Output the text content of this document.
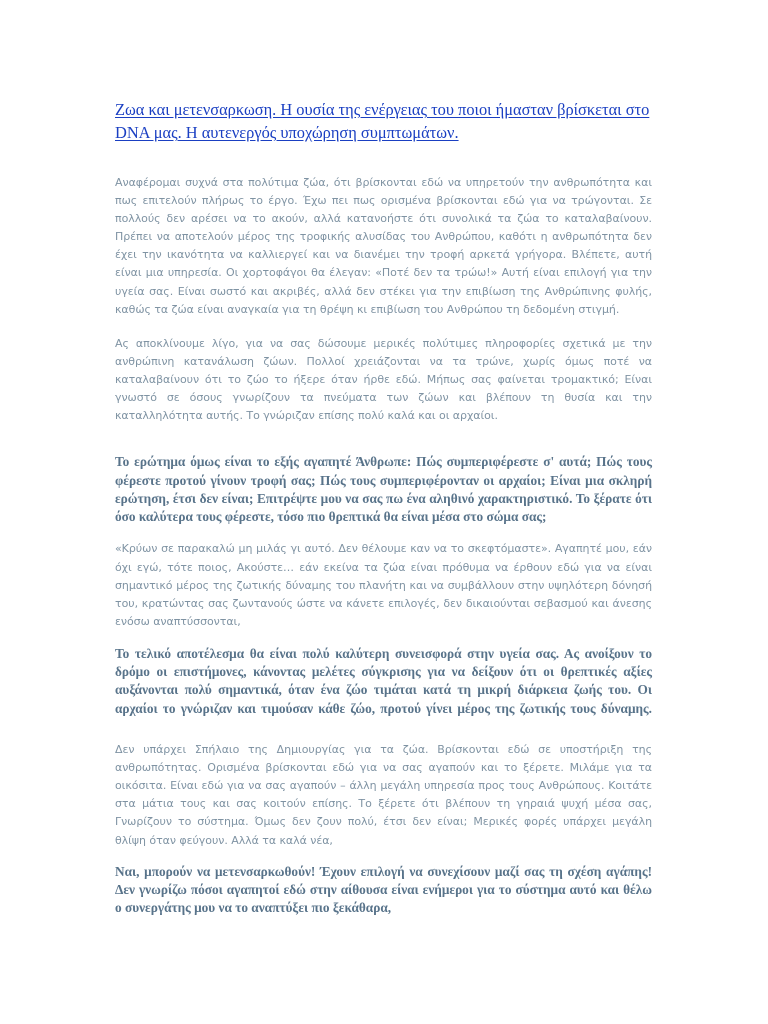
Ζωα και μετενσαρκωση. Η ουσία της ενέργειας του ποιοι ήμασταν βρίσκεται στο DNA μας. Η αυτενεργός υποχώρηση συμπτωμάτων.

Αναφέρομαι συχνά στα πολύτιμα ζώα, ότι βρίσκονται εδώ να υπηρετούν την ανθρωπότητα και πως επιτελούν πλήρως το έργο. Έχω πει πως ορισμένα βρίσκονται εδώ για να τρώγονται. Σε πολλούς δεν αρέσει να το ακούν, αλλά κατανοήστε ότι συνολικά τα ζώα το καταλαβαίνουν. Πρέπει να αποτελούν μέρος της τροφικής αλυσίδας του Ανθρώπου, καθότι η ανθρωπότητα δεν έχει την ικανότητα να καλλιεργεί και να διανέμει την τροφή αρκετά γρήγορα. Βλέπετε, αυτή είναι μια υπηρεσία. Οι χορτοφάγοι θα έλεγαν: «Ποτέ δεν τα τρώω!» Αυτή είναι επιλογή για την υγεία σας. Είναι σωστό και ακριβές, αλλά δεν στέκει για την επιβίωση της Ανθρώπινης φυλής, καθώς τα ζώα είναι αναγκαία για τη θρέψη κι επιβίωση του Ανθρώπου τη δεδομένη στιγμή.

Ας αποκλίνουμε λίγο, για να σας δώσουμε μερικές πολύτιμες πληροφορίες σχετικά με την ανθρώπινη κατανάλωση ζώων. Πολλοί χρειάζονται να τα τρώνε, χωρίς όμως ποτέ να καταλαβαίνουν ότι το ζώο το ήξερε όταν ήρθε εδώ. Μήπως σας φαίνεται τρομακτικό; Είναι γνωστό σε όσους γνωρίζουν τα πνεύματα των ζώων και βλέπουν τη θυσία και την καταλληλότητα αυτής. Το γνώριζαν επίσης πολύ καλά και οι αρχαίοι.

Το ερώτημα όμως είναι το εξής αγαπητέ Άνθρωπε: Πώς συμπεριφέρεστε σ' αυτά; Πώς τους φέρεστε προτού γίνουν τροφή σας; Πώς τους συμπεριφέρονταν οι αρχαίοι; Είναι μια σκληρή ερώτηση, έτσι δεν είναι; Επιτρέψτε μου να σας πω ένα αληθινό χαρακτηριστικό. Το ξέρατε ότι όσο καλύτερα τους φέρεστε, τόσο πιο θρεπτικά θα είναι μέσα στο σώμα σας;

«Κρύων σε παρακαλώ μη μιλάς γι αυτό. Δεν θέλουμε καν να το σκεφτόμαστε». Αγαπητέ μου, εάν όχι εγώ, τότε ποιος, Ακούστε… εάν εκείνα τα ζώα είναι πρόθυμα να έρθουν εδώ για να είναι σημαντικό μέρος της ζωτικής δύναμης του πλανήτη και να συμβάλλουν στην υψηλότερη δόνησή του, κρατώντας σας ζωντανούς ώστε να κάνετε επιλογές, δεν δικαιούνται σεβασμού και άνεσης ενόσω αναπτύσσονται,

Το τελικό αποτέλεσμα θα είναι πολύ καλύτερη συνεισφορά στην υγεία σας. Ας ανοίξουν το δρόμο οι επιστήμονες, κάνοντας μελέτες σύγκρισης για να δείξουν ότι οι θρεπτικές αξίες αυξάνονται πολύ σημαντικά, όταν ένα ζώο τιμάται κατά τη μικρή διάρκεια ζωής του. Οι αρχαίοι το γνώριζαν και τιμούσαν κάθε ζώο, προτού γίνει μέρος της ζωτικής τους δύναμης.

Δεν υπάρχει Σπήλαιο της Δημιουργίας για τα ζώα. Βρίσκονται εδώ σε υποστήριξη της ανθρωπότητας. Ορισμένα βρίσκονται εδώ για να σας αγαπούν και το ξέρετε. Μιλάμε για τα οικόσιτα. Είναι εδώ για να σας αγαπούν – άλλη μεγάλη υπηρεσία προς τους Ανθρώπους. Κοιτάτε στα μάτια τους και σας κοιτούν επίσης. Το ξέρετε ότι βλέπουν τη γηραιά ψυχή μέσα σας, Γνωρίζουν το σύστημα. Όμως δεν ζουν πολύ, έτσι δεν είναι; Μερικές φορές υπάρχει μεγάλη θλίψη όταν φεύγουν. Αλλά τα καλά νέα,

Ναι, μπορούν να μετενσαρκωθούν! Έχουν επιλογή να συνεχίσουν μαζί σας τη σχέση αγάπης! Δεν γνωρίζω πόσοι αγαπητοί εδώ στην αίθουσα είναι ενήμεροι για το σύστημα αυτό και θέλω ο συνεργάτης μου να το αναπτύξει πιο ξεκάθαρα,
